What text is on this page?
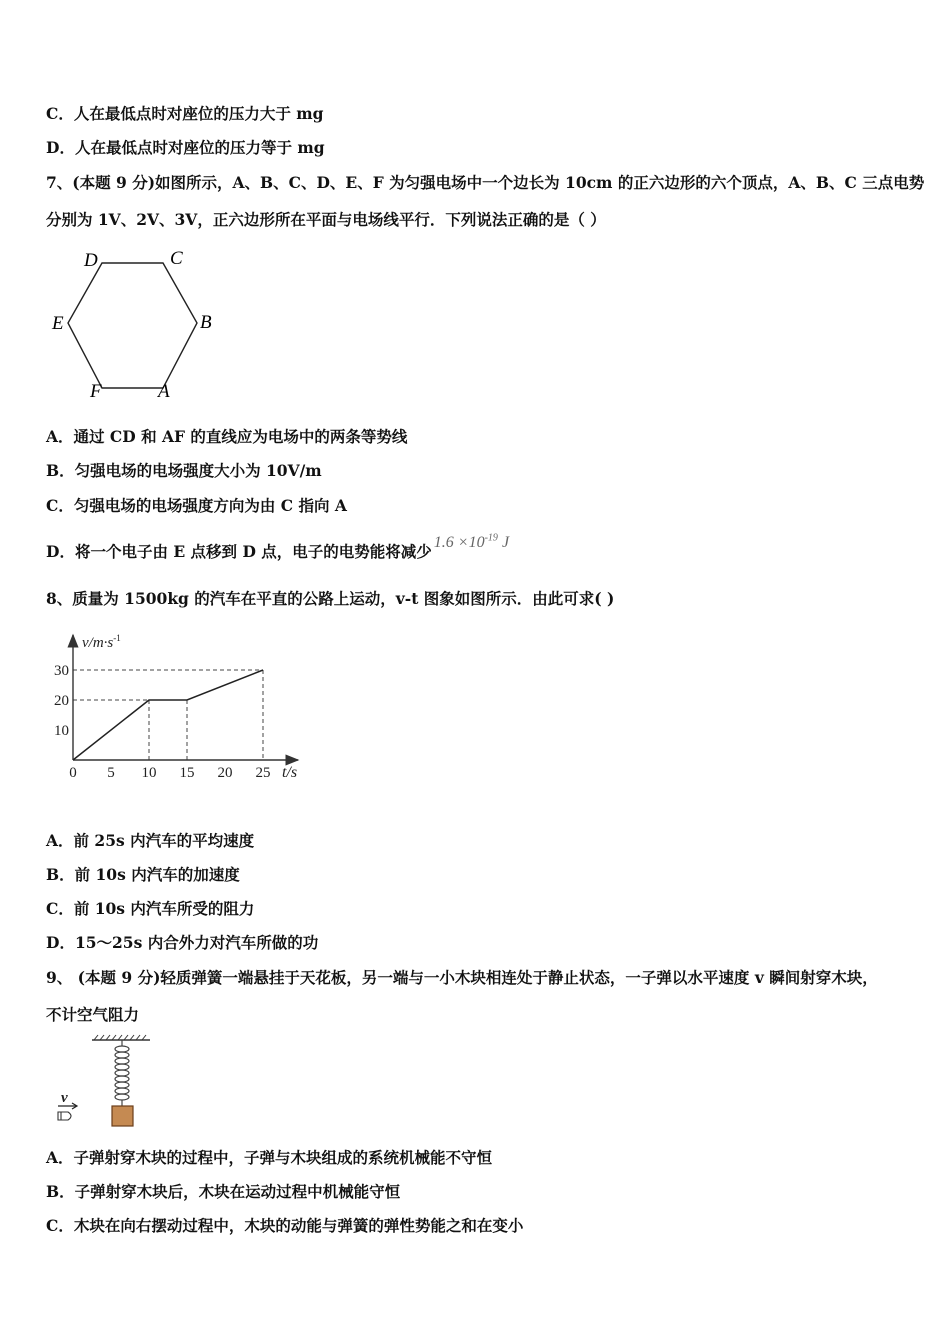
C．人在最低点时对座位的压力大于 mg
D．人在最低点时对座位的压力等于 mg
7、(本题 9 分)如图所示，A、B、C、D、E、F 为匀强电场中一个边长为 10cm 的正六边形的六个顶点，A、B、C 三点电势
分别为 1V、2V、3V，正六边形所在平面与电场线平行．下列说法正确的是（ ）
D	C
E	B
F	A
A．通过 CD 和 AF 的直线应为电场中的两条等势线
B．匀强电场的电场强度大小为 10V/m
C．匀强电场的电场强度方向为由 C 指向 A
D．将一个电子由 E 点移到 D 点，电子的电势能将减少 $1.6 \times 10^{-19}$ J
8、质量为 1500kg 的汽车在平直的公路上运动，v-t 图象如图所示．由此可求( )
$v/m\cdot s^{-1}$
t/s
0 5 10 15 20 25
10
20
30
A．前 25s 内汽车的平均速度
B．前 10s 内汽车的加速度
C．前 10s 内汽车所受的阻力
D．15～25s 内合外力对汽车所做的功
9、 (本题 9 分)轻质弹簧一端悬挂于天花板，另一端与一小木块相连处于静止状态，一子弹以水平速度 v 瞬间射穿木块，
不计空气阻力
v
A．子弹射穿木块的过程中，子弹与木块组成的系统机械能不守恒
B．子弹射穿木块后，木块在运动过程中机械能守恒
C．木块在向右摆动过程中，木块的动能与弹簧的弹性势能之和在变小
